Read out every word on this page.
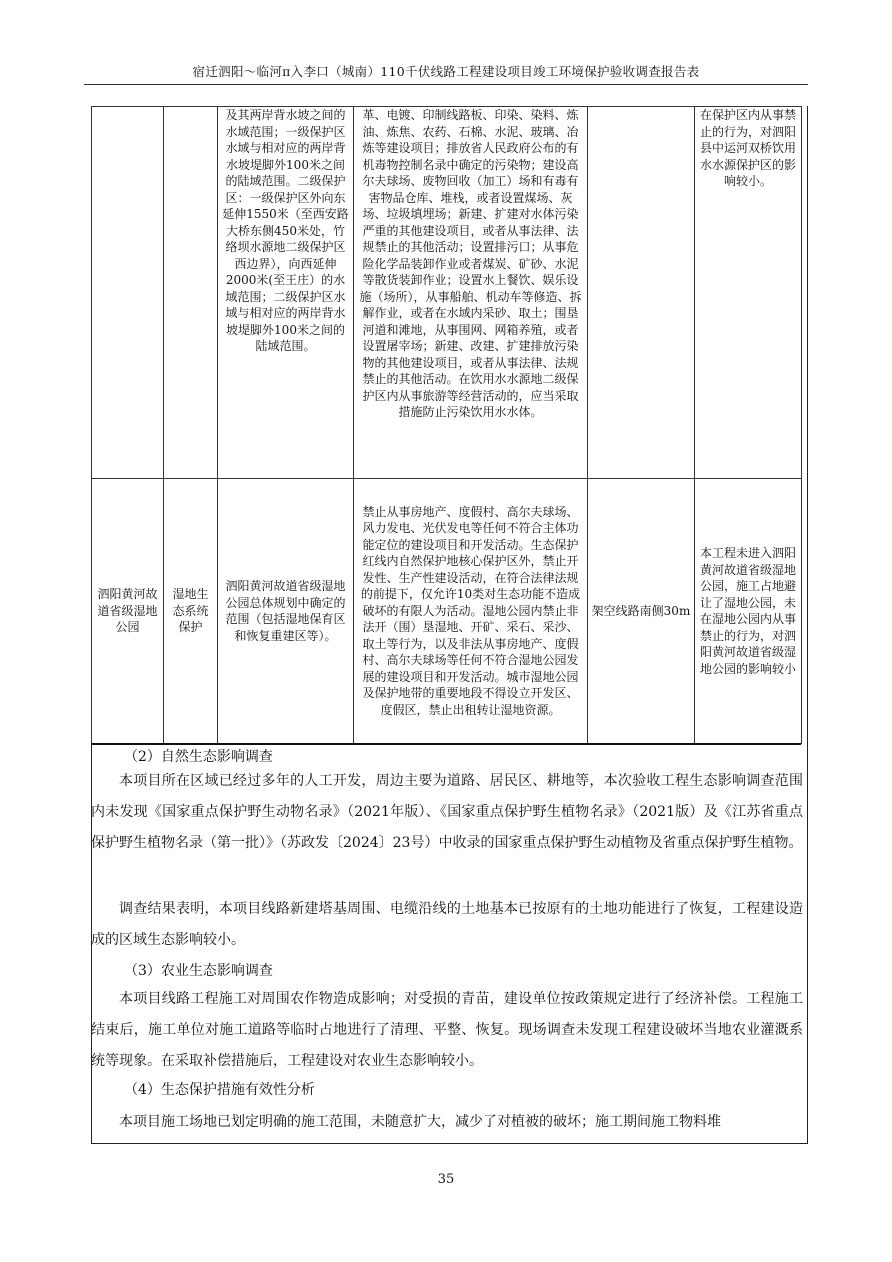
宿迁泗阳～临河π入李口（城南）110千伏线路工程建设项目竣工环境保护验收调查报告表
		及其两岸背水坡之间的水域范围；一级保护区水域与相对应的两岸背水坡堤脚外100米之间的陆域范围。二级保护区：一级保护区外向东延伸1550米（至西安路大桥东侧450米处，竹络坝水源地二级保护区西边界），向西延伸2000米(至王庄）的水域范围；二级保护区水域与相对应的两岸背水坡堤脚外100米之间的陆域范围。	革、电镀、印制线路板、印染、染料、炼油、炼焦、农药、石棉、水泥、玻璃、冶炼等建设项目；排放省人民政府公布的有机毒物控制名录中确定的污染物；建设高尔夫球场、废物回收（加工）场和有毒有害物品仓库、堆栈，或者设置煤场、灰场、垃圾填埋场；新建、扩建对水体污染严重的其他建设项目，或者从事法律、法规禁止的其他活动；设置排污口；从事危险化学品装卸作业或者煤炭、矿砂、水泥等散货装卸作业；设置水上餐饮、娱乐设施（场所），从事船舶、机动车等修造、拆解作业，或者在水域内采砂、取土；围垦河道和滩地，从事围网、网箱养殖，或者设置屠宰场；新建、改建、扩建排放污染物的其他建设项目，或者从事法律、法规禁止的其他活动。在饮用水水源地二级保护区内从事旅游等经营活动的，应当采取措施防止污染饮用水水体。		在保护区内从事禁止的行为，对泗阳县中运河双桥饮用水水源保护区的影响较小。
泗阳黄河故道省级湿地公园	湿地生态系统保护	泗阳黄河故道省级湿地公园总体规划中确定的范围（包括湿地保育区和恢复重建区等）。	禁止从事房地产、度假村、高尔夫球场、风力发电、光伏发电等任何不符合主体功能定位的建设项目和开发活动。生态保护红线内自然保护地核心保护区外，禁止开发性、生产性建设活动，在符合法律法规的前提下，仅允许10类对生态功能不造成破坏的有限人为活动。湿地公园内禁止非法开（围）垦湿地、开矿、采石、采沙、取土等行为，以及非法从事房地产、度假村、高尔夫球场等任何不符合湿地公园发展的建设项目和开发活动。城市湿地公园及保护地带的重要地段不得设立开发区、度假区，禁止出租转让湿地资源。	架空线路南侧30m	本工程未进入泗阳黄河故道省级湿地公园，施工占地避让了湿地公园，未在湿地公园内从事禁止的行为，对泗阳黄河故道省级湿地公园的影响较小
（2）自然生态影响调查
本项目所在区域已经过多年的人工开发，周边主要为道路、居民区、耕地等，本次验收工程生态影响调查范围内未发现《国家重点保护野生动物名录》（2021年版）、《国家重点保护野生植物名录》（2021版）及《江苏省重点保护野生植物名录（第一批）》（苏政发〔2024〕23号）中收录的国家重点保护野生动植物及省重点保护野生植物。
调查结果表明，本项目线路新建塔基周围、电缆沿线的土地基本已按原有的土地功能进行了恢复，工程建设造成的区域生态影响较小。
（3）农业生态影响调查
本项目线路工程施工对周围农作物造成影响；对受损的青苗，建设单位按政策规定进行了经济补偿。工程施工结束后，施工单位对施工道路等临时占地进行了清理、平整、恢复。现场调查未发现工程建设破坏当地农业灌溉系统等现象。在采取补偿措施后，工程建设对农业生态影响较小。
（4）生态保护措施有效性分析
本项目施工场地已划定明确的施工范围，未随意扩大，减少了对植被的破坏；施工期间施工物料堆
35
